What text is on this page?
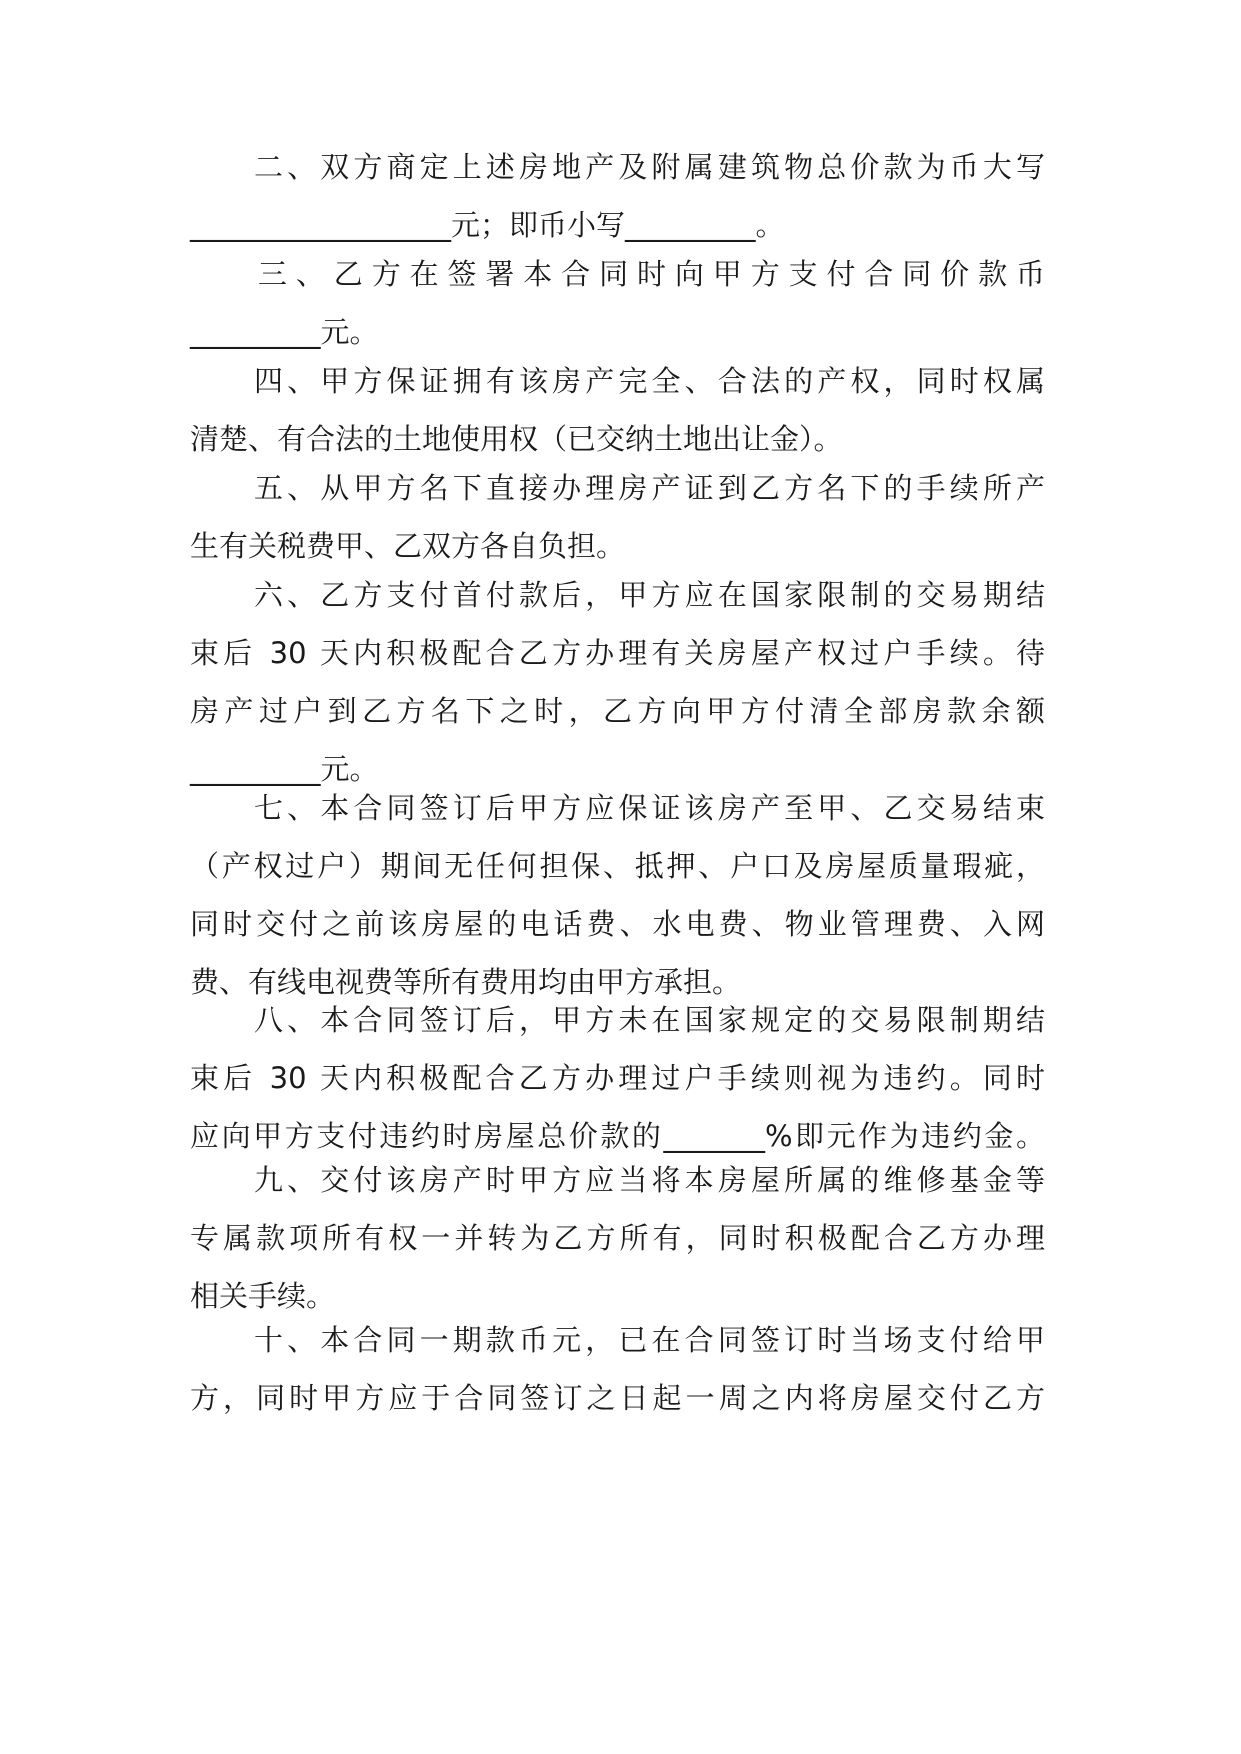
二、双方商定上述房地产及附属建筑物总价款为币大写
__________________元；即币小写_________。
三、乙方在签署本合同时向甲方支付合同价款币
_________元。
四、甲方保证拥有该房产完全、合法的产权，同时权属
清楚、有合法的土地使用权（已交纳土地出让金）。
五、从甲方名下直接办理房产证到乙方名下的手续所产
生有关税费甲、乙双方各自负担。
六、乙方支付首付款后，甲方应在国家限制的交易期结
束后 30 天内积极配合乙方办理有关房屋产权过户手续。待
房产过户到乙方名下之时，乙方向甲方付清全部房款余额
_________元。
七、本合同签订后甲方应保证该房产至甲、乙交易结束
（产权过户）期间无任何担保、抵押、户口及房屋质量瑕疵，
同时交付之前该房屋的电话费、水电费、物业管理费、入网
费、有线电视费等所有费用均由甲方承担。
八、本合同签订后，甲方未在国家规定的交易限制期结
束后 30 天内积极配合乙方办理过户手续则视为违约。同时
应向甲方支付违约时房屋总价款的_______%即元作为违约金。
九、交付该房产时甲方应当将本房屋所属的维修基金等
专属款项所有权一并转为乙方所有，同时积极配合乙方办理
相关手续。
十、本合同一期款币元，已在合同签订时当场支付给甲
方，同时甲方应于合同签订之日起一周之内将房屋交付乙方
